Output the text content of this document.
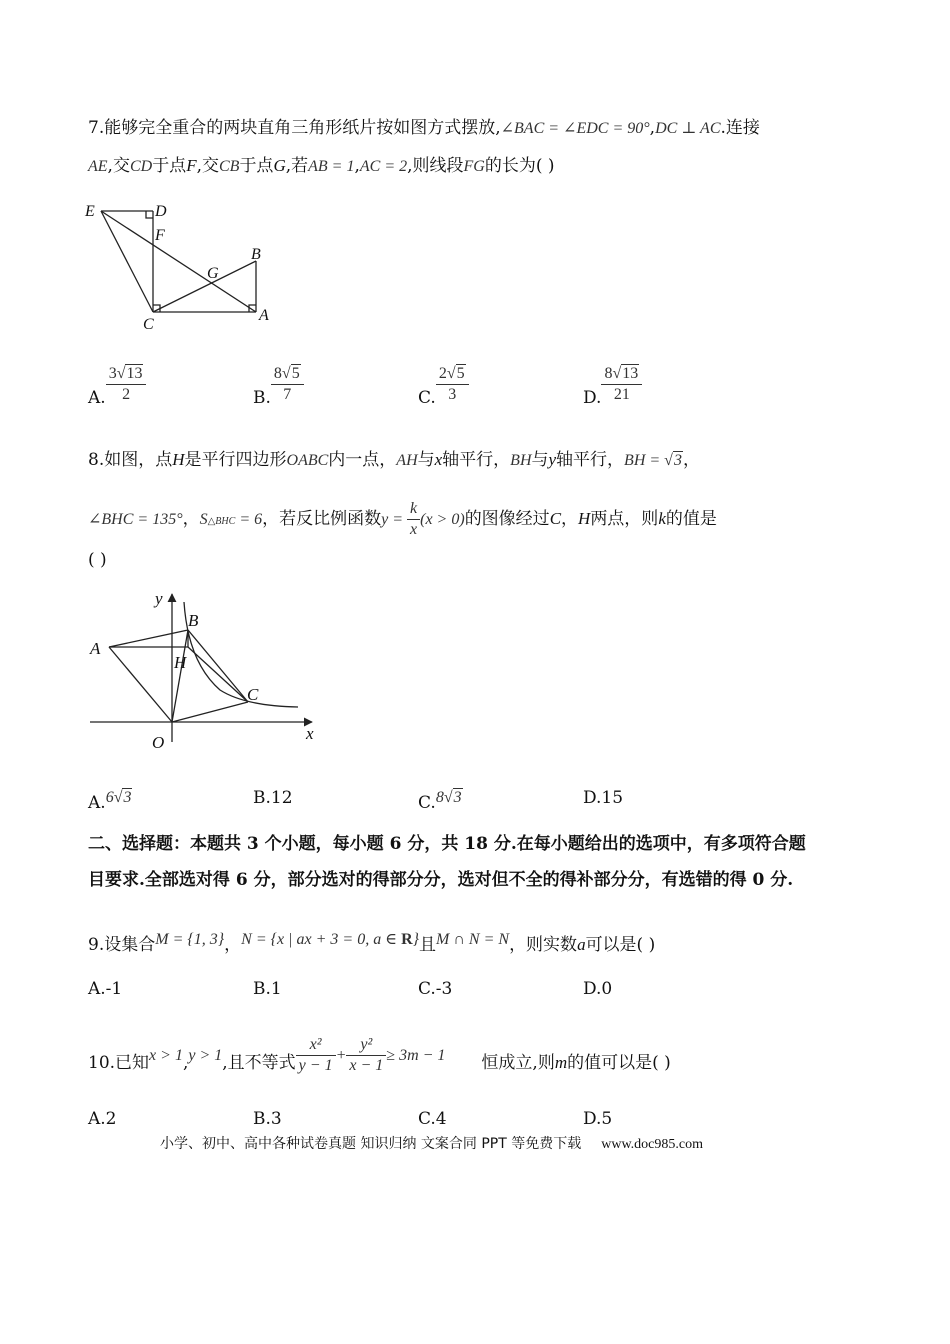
7.能够完全重合的两块直角三角形纸片按如图方式摆放,∠BAC = ∠EDC = 90°,DC ⊥ AC.连接
AE,交CD于点F,交CB于点G,若AB = 1,AC = 2,则线段FG的长为( )
E	D
F
G
B
C
A
A. $\frac{3√13}{2}$	B. $\frac{8√5}{7}$	C. $\frac{2√5}{3}$	D. $\frac{8√13}{21}$
8.如图，点H是平行四边形OABC内一点，AH与x轴平行，BH与y轴平行，BH = √3，
∠BHC = 135°，S△BHC = 6，若反比例函数$y = \frac{k}{x} (x > 0)$的图像经过C，H两点，则k的值是
( )
y
B
A
H
C
O	x
A.6√3	B.12	C.8√3	D.15
二、选择题：本题共 3 个小题，每小题 6 分，共 18 分.在每小题给出的选项中，有多项符合题
目要求.全部选对得 6 分，部分选对的得部分分，选对但不全的得补部分分，有选错的得 0 分.
9.设集合M = {1, 3}，N = {x | ax + 3 = 0, a ∈ R}且M ∩ N = N，则实数a可以是( )
A.-1	B.1	C.-3	D.0
10.已知x > 1,y > 1,且不等式 $\frac{\text{x²}}{y - 1} + \frac{\text{y²}}{x - 1} \ge 3m - 1$ 恒成立,则m的值可以是( )
A.2	B.3	C.4	D.5
小学、初中、高中各种试卷真题 知识归纳 文案合同 PPT 等免费下载 www.doc985.com
